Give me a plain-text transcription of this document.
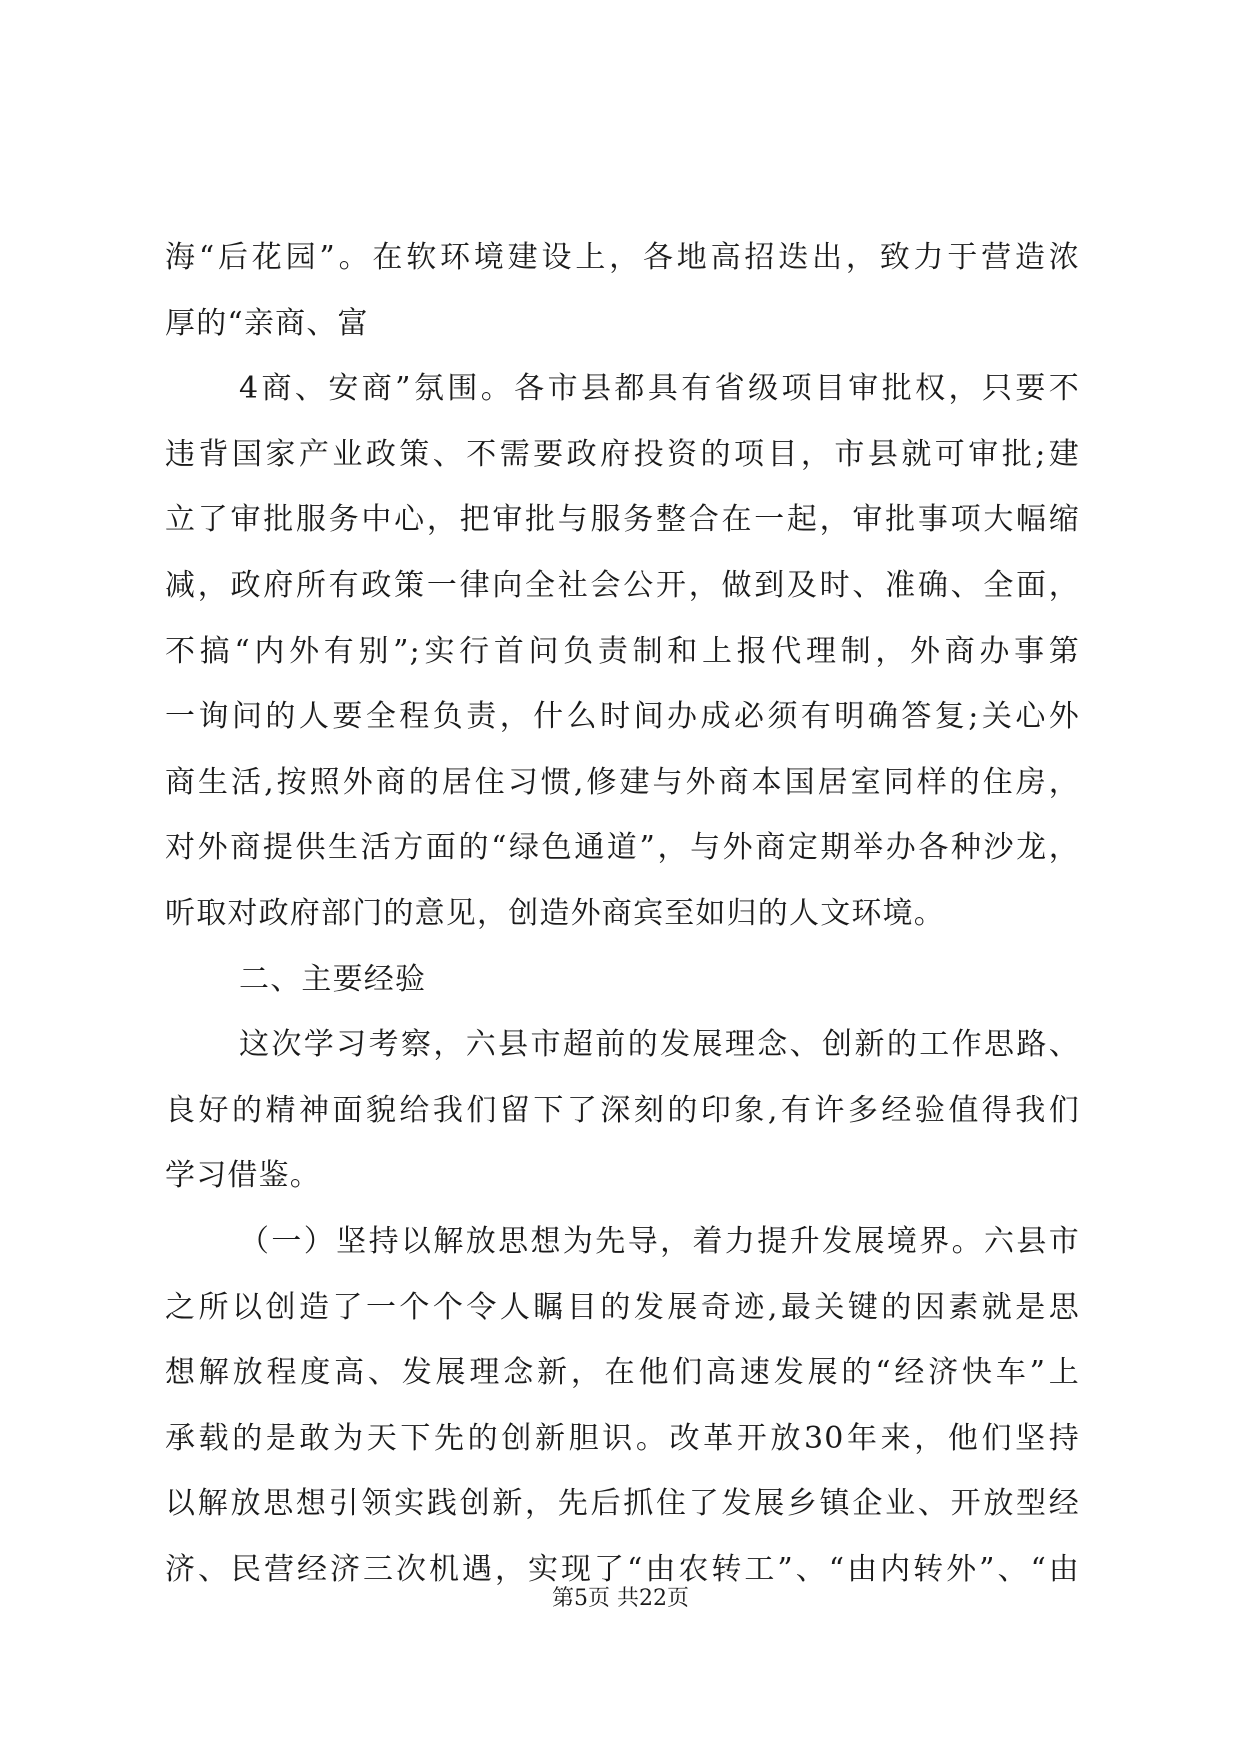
海“后花园”。在软环境建设上，各地高招迭出，致力于营造浓
厚的“亲商、富
4商、安商”氛围。各市县都具有省级项目审批权，只要不
违背国家产业政策、不需要政府投资的项目，市县就可审批;建
立了审批服务中心，把审批与服务整合在一起，审批事项大幅缩
减，政府所有政策一律向全社会公开，做到及时、准确、全面，
不搞“内外有别”;实行首问负责制和上报代理制，外商办事第
一询问的人要全程负责，什么时间办成必须有明确答复;关心外
商生活,按照外商的居住习惯,修建与外商本国居室同样的住房，
对外商提供生活方面的“绿色通道”，与外商定期举办各种沙龙，
听取对政府部门的意见，创造外商宾至如归的人文环境。
二、主要经验
这次学习考察，六县市超前的发展理念、创新的工作思路、
良好的精神面貌给我们留下了深刻的印象,有许多经验值得我们
学习借鉴。
（一）坚持以解放思想为先导，着力提升发展境界。六县市
之所以创造了一个个令人瞩目的发展奇迹,最关键的因素就是思
想解放程度高、发展理念新，在他们高速发展的“经济快车”上
承载的是敢为天下先的创新胆识。改革开放30年来，他们坚持
以解放思想引领实践创新，先后抓住了发展乡镇企业、开放型经
济、民营经济三次机遇，实现了“由农转工”、“由内转外”、“由
第5页 共22页
